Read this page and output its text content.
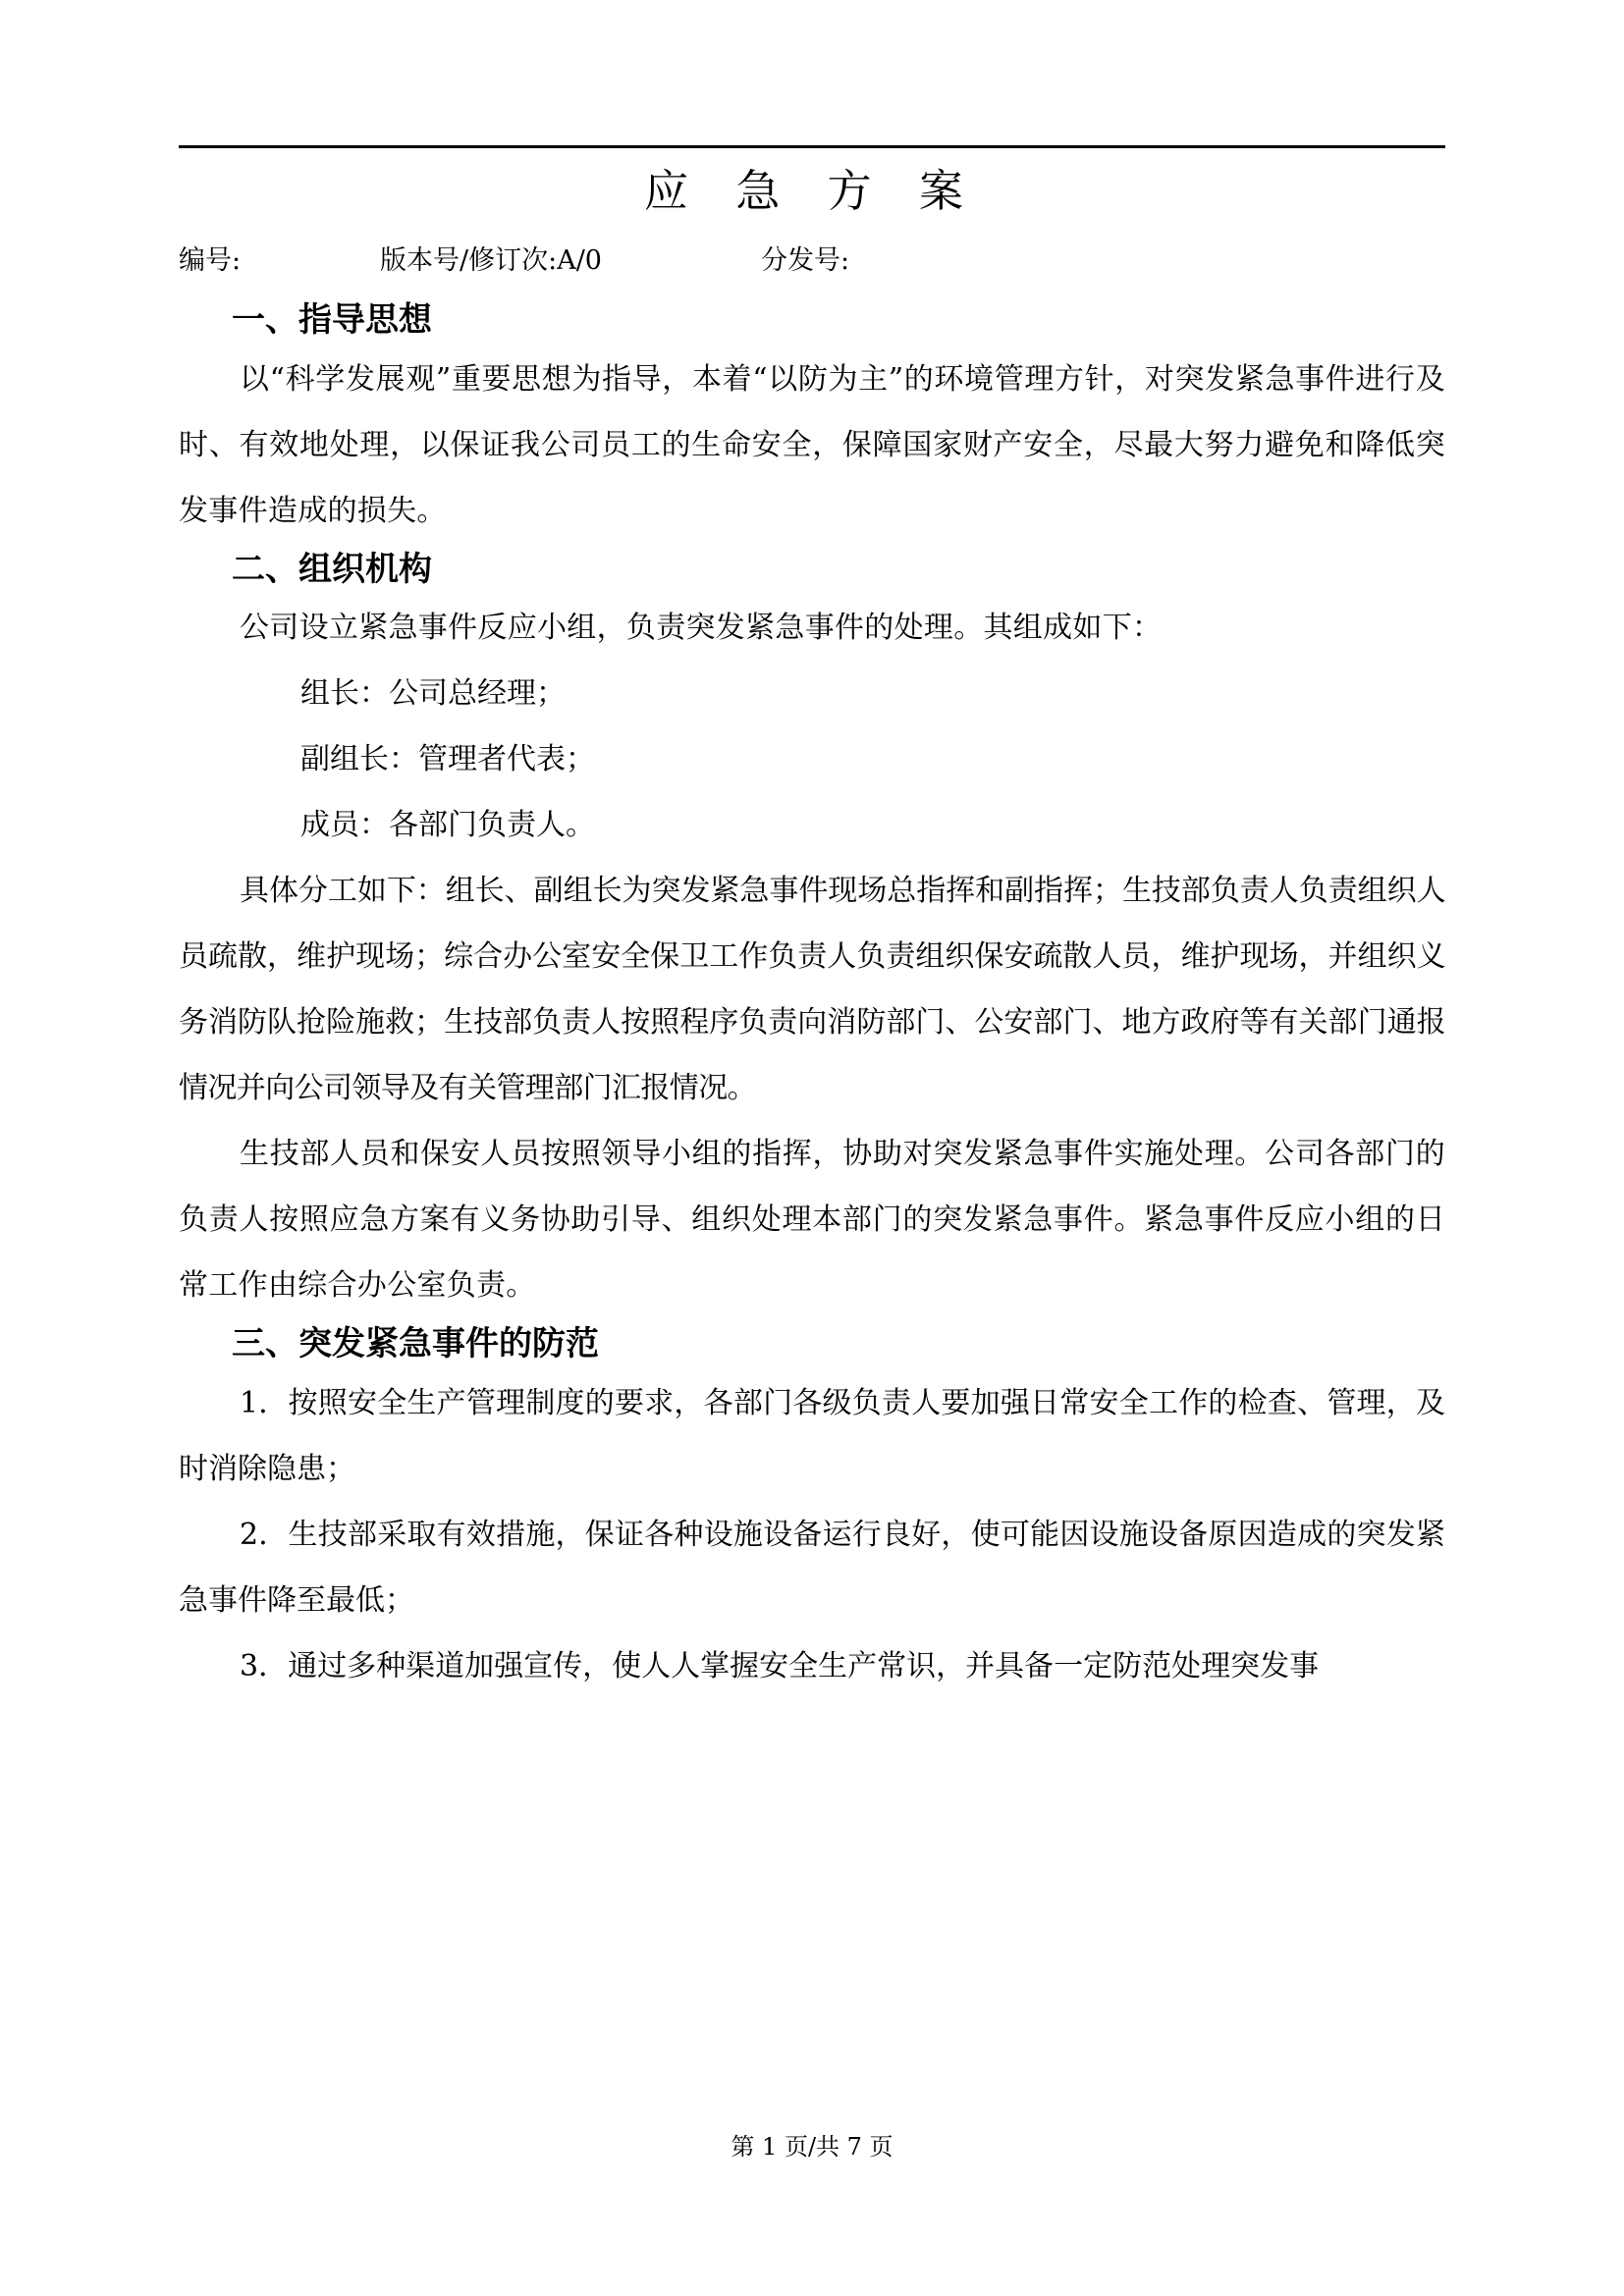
应 急 方 案
编号:	版本号/修订次:A/0	分发号:
一、指导思想

以“科学发展观”重要思想为指导，本着“以防为主”的环境管理方针，对突发紧急事件进行及时、有效地处理，以保证我公司员工的生命安全，保障国家财产安全，尽最大努力避免和降低突发事件造成的损失。

二、组织机构

公司设立紧急事件反应小组，负责突发紧急事件的处理。其组成如下：

组长：公司总经理；

副组长：管理者代表；

成员：各部门负责人。

具体分工如下：组长、副组长为突发紧急事件现场总指挥和副指挥；生技部负责人负责组织人员疏散，维护现场；综合办公室安全保卫工作负责人负责组织保安疏散人员，维护现场，并组织义务消防队抢险施救；生技部负责人按照程序负责向消防部门、公安部门、地方政府等有关部门通报情况并向公司领导及有关管理部门汇报情况。

生技部人员和保安人员按照领导小组的指挥，协助对突发紧急事件实施处理。公司各部门的负责人按照应急方案有义务协助引导、组织处理本部门的突发紧急事件。紧急事件反应小组的日常工作由综合办公室负责。

三、突发紧急事件的防范

1．按照安全生产管理制度的要求，各部门各级负责人要加强日常安全工作的检查、管理，及时消除隐患；

2．生技部采取有效措施，保证各种设施设备运行良好，使可能因设施设备原因造成的突发紧急事件降至最低；

3．通过多种渠道加强宣传，使人人掌握安全生产常识，并具备一定防范处理突发事

第 1 页/共 7 页
